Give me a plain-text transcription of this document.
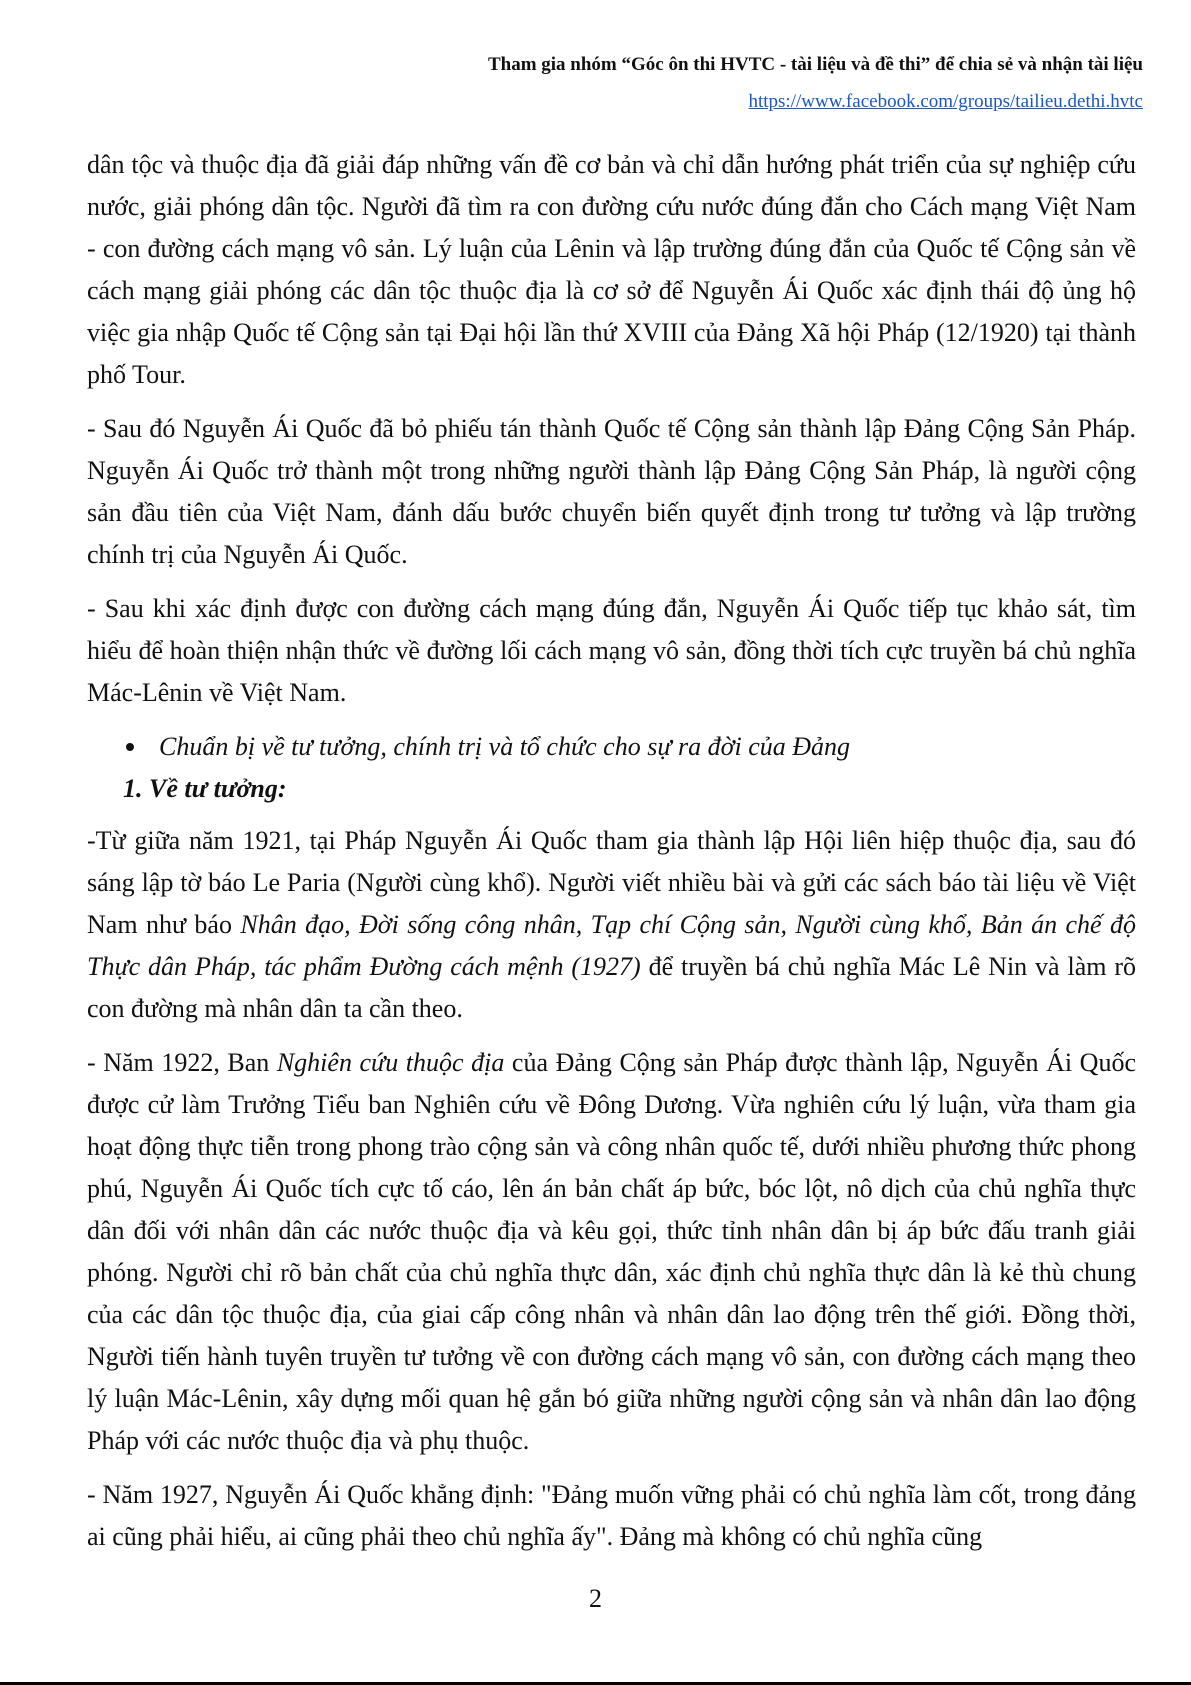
Tham gia nhóm “Góc ôn thi HVTC - tài liệu và đề thi” để chia sẻ và nhận tài liệu
https://www.facebook.com/groups/tailieu.dethi.hvtc

dân tộc và thuộc địa đã giải đáp những vấn đề cơ bản và chỉ dẫn hướng phát triển của sự nghiệp cứu nước, giải phóng dân tộc. Người đã tìm ra con đường cứu nước đúng đắn cho Cách mạng Việt Nam - con đường cách mạng vô sản. Lý luận của Lênin và lập trường đúng đắn của Quốc tế Cộng sản về cách mạng giải phóng các dân tộc thuộc địa là cơ sở để Nguyễn Ái Quốc xác định thái độ ủng hộ việc gia nhập Quốc tế Cộng sản tại Đại hội lần thứ XVIII của Đảng Xã hội Pháp (12/1920) tại thành phố Tour.

- Sau đó Nguyễn Ái Quốc đã bỏ phiếu tán thành Quốc tế Cộng sản thành lập Đảng Cộng Sản Pháp. Nguyễn Ái Quốc trở thành một trong những người thành lập Đảng Cộng Sản Pháp, là người cộng sản đầu tiên của Việt Nam, đánh dấu bước chuyển biến quyết định trong tư tưởng và lập trường chính trị của Nguyễn Ái Quốc.

- Sau khi xác định được con đường cách mạng đúng đắn, Nguyễn Ái Quốc tiếp tục khảo sát, tìm hiểu để hoàn thiện nhận thức về đường lối cách mạng vô sản, đồng thời tích cực truyền bá chủ nghĩa Mác-Lênin về Việt Nam.

Chuẩn bị về tư tưởng, chính trị và tổ chức cho sự ra đời của Đảng
1. Về tư tưởng:

-Từ giữa năm 1921, tại Pháp Nguyễn Ái Quốc tham gia thành lập Hội liên hiệp thuộc địa, sau đó sáng lập tờ báo Le Paria (Người cùng khổ). Người viết nhiều bài và gửi các sách báo tài liệu về Việt Nam như báo Nhân đạo, Đời sống công nhân, Tạp chí Cộng sản, Người cùng khổ, Bản án chế độ Thực dân Pháp, tác phẩm Đường cách mệnh (1927) để truyền bá chủ nghĩa Mác Lê Nin và làm rõ con đường mà nhân dân ta cần theo.

- Năm 1922, Ban Nghiên cứu thuộc địa của Đảng Cộng sản Pháp được thành lập, Nguyễn Ái Quốc được cử làm Trưởng Tiểu ban Nghiên cứu về Đông Dương. Vừa nghiên cứu lý luận, vừa tham gia hoạt động thực tiễn trong phong trào cộng sản và công nhân quốc tế, dưới nhiều phương thức phong phú, Nguyễn Ái Quốc tích cực tố cáo, lên án bản chất áp bức, bóc lột, nô dịch của chủ nghĩa thực dân đối với nhân dân các nước thuộc địa và kêu gọi, thức tỉnh nhân dân bị áp bức đấu tranh giải phóng. Người chỉ rõ bản chất của chủ nghĩa thực dân, xác định chủ nghĩa thực dân là kẻ thù chung của các dân tộc thuộc địa, của giai cấp công nhân và nhân dân lao động trên thế giới. Đồng thời, Người tiến hành tuyên truyền tư tưởng về con đường cách mạng vô sản, con đường cách mạng theo lý luận Mác-Lênin, xây dựng mối quan hệ gắn bó giữa những người cộng sản và nhân dân lao động Pháp với các nước thuộc địa và phụ thuộc.

- Năm 1927, Nguyễn Ái Quốc khẳng định: "Đảng muốn vững phải có chủ nghĩa làm cốt, trong đảng ai cũng phải hiểu, ai cũng phải theo chủ nghĩa ấy". Đảng mà không có chủ nghĩa cũng

2
